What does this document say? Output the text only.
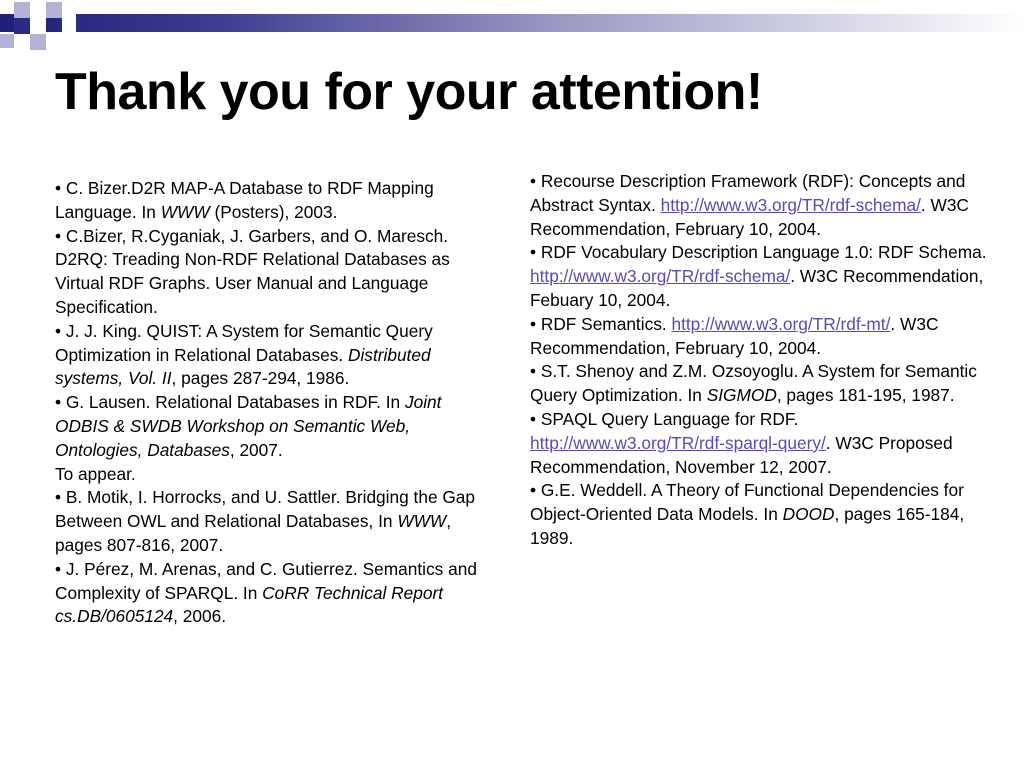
Thank you for your attention!

• C. Bizer.D2R MAP-A Database to RDF Mapping Language. In WWW (Posters), 2003.

• C.Bizer, R.Cyganiak, J. Garbers, and O. Maresch. D2RQ: Treading Non-RDF Relational Databases as Virtual RDF Graphs. User Manual and Language Specification.

• J. J. King. QUIST: A System for Semantic Query Optimization in Relational Databases. Distributed systems, Vol. II, pages 287-294, 1986.

• G. Lausen. Relational Databases in RDF. In Joint ODBIS & SWDB Workshop on Semantic Web, Ontologies, Databases, 2007.

To appear.

• B. Motik, I. Horrocks, and U. Sattler. Bridging the Gap Between OWL and Relational Databases, In WWW, pages 807-816, 2007.

• J. Pérez, M. Arenas, and C. Gutierrez. Semantics and Complexity of SPARQL. In CoRR Technical Report cs.DB/0605124, 2006.

• Recourse Description Framework (RDF): Concepts and Abstract Syntax. http://www.w3.org/TR/rdf-schema/. W3C Recommendation, February 10, 2004.

• RDF Vocabulary Description Language 1.0: RDF Schema. http://www.w3.org/TR/rdf-schema/. W3C Recommendation, Febuary 10, 2004.

• RDF Semantics. http://www.w3.org/TR/rdf-mt/. W3C Recommendation, February 10, 2004.

• S.T. Shenoy and Z.M. Ozsoyoglu. A System for Semantic Query Optimization. In SIGMOD, pages 181-195, 1987.

• SPAQL Query Language for RDF. http://www.w3.org/TR/rdf-sparql-query/. W3C Proposed Recommendation, November 12, 2007.

• G.E. Weddell. A Theory of Functional Dependencies for Object-Oriented Data Models. In DOOD, pages 165-184, 1989.
